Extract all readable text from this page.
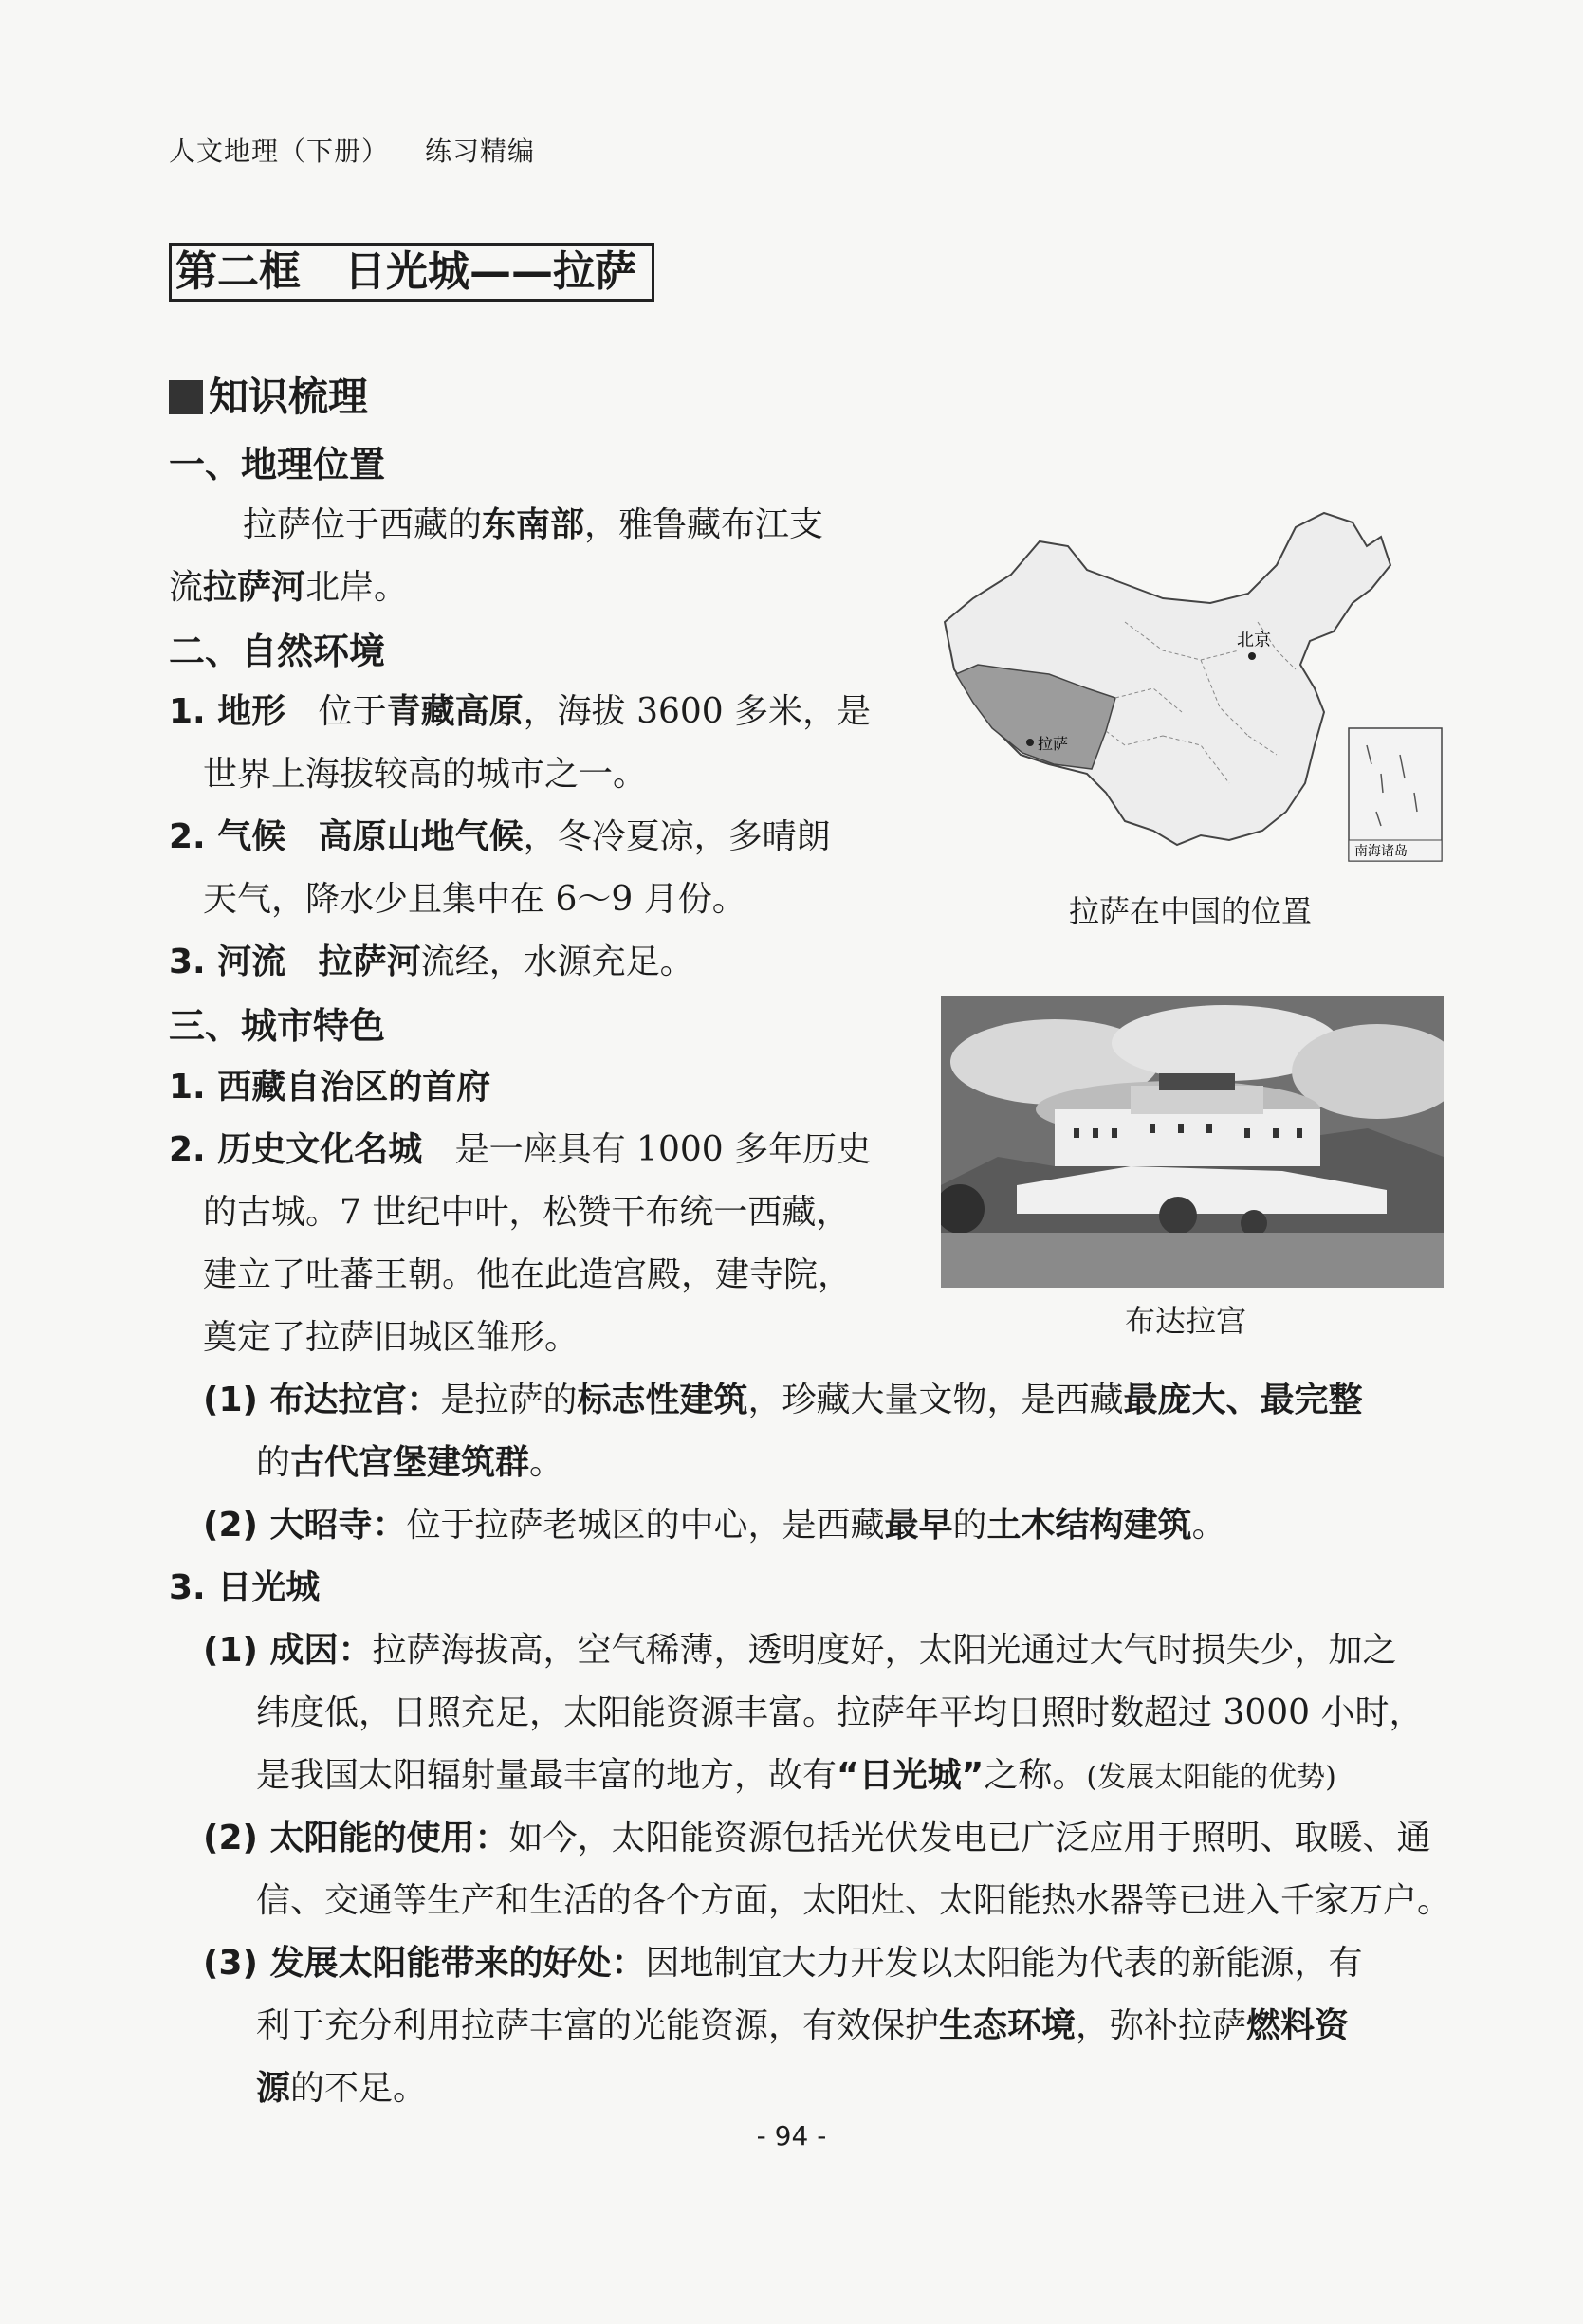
人文地理（下册） 练习精编
第二框 日光城——拉萨
知识梳理
一、地理位置
拉萨位于西藏的东南部，雅鲁藏布江支
流拉萨河北岸。
二、自然环境
1. 地形 位于青藏高原，海拔 3600 多米，是
世界上海拔较高的城市之一。
2. 气候 高原山地气候，冬冷夏凉，多晴朗
天气，降水少且集中在 6～9 月份。
3. 河流 拉萨河流经，水源充足。
北京
拉萨
南海诸岛
拉萨在中国的位置
三、城市特色
1. 西藏自治区的首府
2. 历史文化名城 是一座具有 1000 多年历史
的古城。7 世纪中叶，松赞干布统一西藏，
建立了吐蕃王朝。他在此造宫殿，建寺院，
奠定了拉萨旧城区雏形。	布达拉宫
(1) 布达拉宫：是拉萨的标志性建筑，珍藏大量文物，是西藏最庞大、最完整
的古代宫堡建筑群。
(2) 大昭寺：位于拉萨老城区的中心，是西藏最早的土木结构建筑。
3. 日光城
(1) 成因：拉萨海拔高，空气稀薄，透明度好，太阳光通过大气时损失少，加之
纬度低，日照充足，太阳能资源丰富。拉萨年平均日照时数超过 3000 小时，
是我国太阳辐射量最丰富的地方，故有“日光城”之称。(发展太阳能的优势)
(2) 太阳能的使用：如今，太阳能资源包括光伏发电已广泛应用于照明、取暖、通
信、交通等生产和生活的各个方面，太阳灶、太阳能热水器等已进入千家万户。
(3) 发展太阳能带来的好处：因地制宜大力开发以太阳能为代表的新能源，有
利于充分利用拉萨丰富的光能资源，有效保护生态环境，弥补拉萨燃料资
源的不足。
- 94 -
